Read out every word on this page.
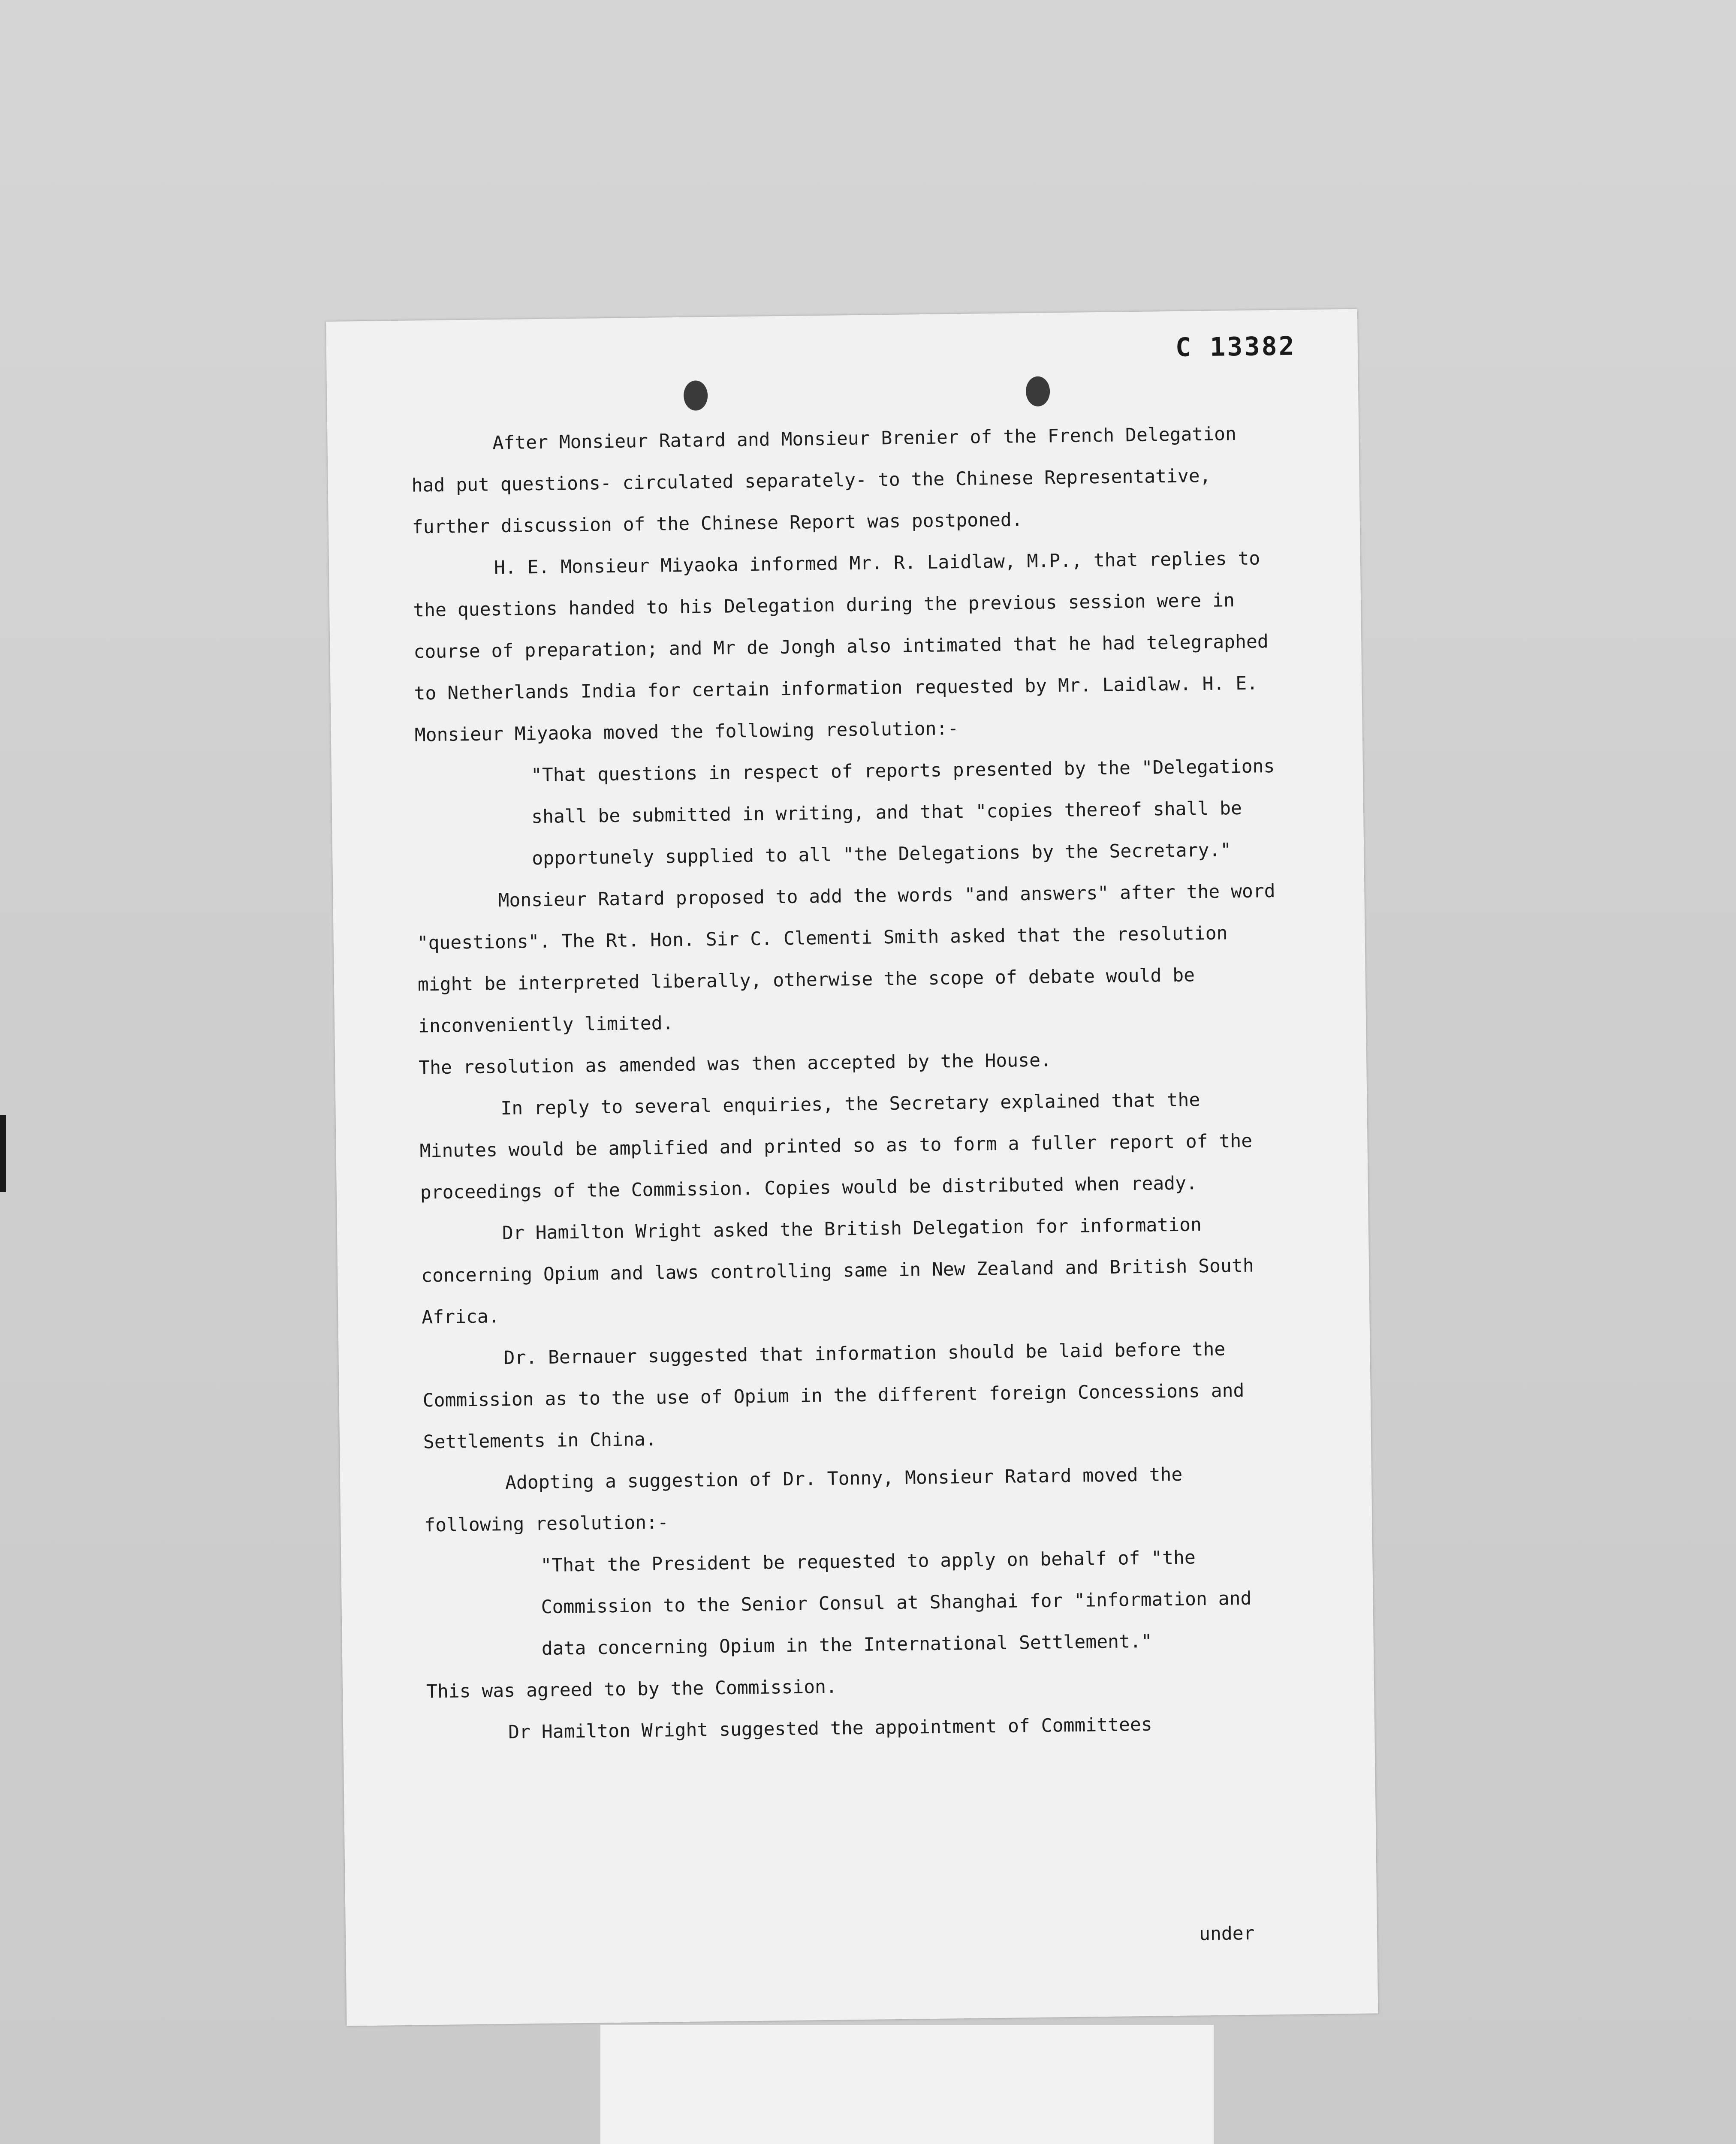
C 13382

After Monsieur Ratard and Monsieur Brenier of the French Delegation had put questions- circulated separately- to the Chinese Representative, further discussion of the Chinese Report was postponed.

H. E. Monsieur Miyaoka informed Mr. R. Laidlaw, M.P., that replies to the questions handed to his Delegation during the previous session were in course of preparation; and Mr de Jongh also intimated that he had telegraphed to Netherlands India for certain information requested by Mr. Laidlaw. H. E. Monsieur Miyaoka moved the following resolution:-

"That questions in respect of reports presented by the "Delegations shall be submitted in writing, and that "copies thereof shall be opportunely supplied to all "the Delegations by the Secretary."

Monsieur Ratard proposed to add the words "and answers" after the word "questions". The Rt. Hon. Sir C. Clementi Smith asked that the resolution might be interpreted liberally, otherwise the scope of debate would be inconveniently limited.

The resolution as amended was then accepted by the House.

In reply to several enquiries, the Secretary explained that the Minutes would be amplified and printed so as to form a fuller report of the proceedings of the Commission. Copies would be distributed when ready.

Dr Hamilton Wright asked the British Delegation for information concerning Opium and laws controlling same in New Zealand and British South Africa.

Dr. Bernauer suggested that information should be laid before the Commission as to the use of Opium in the different foreign Concessions and Settlements in China.

Adopting a suggestion of Dr. Tonny, Monsieur Ratard moved the following resolution:-

"That the President be requested to apply on behalf of "the Commission to the Senior Consul at Shanghai for "information and data concerning Opium in the International Settlement."

This was agreed to by the Commission.

Dr Hamilton Wright suggested the appointment of Committees

under
